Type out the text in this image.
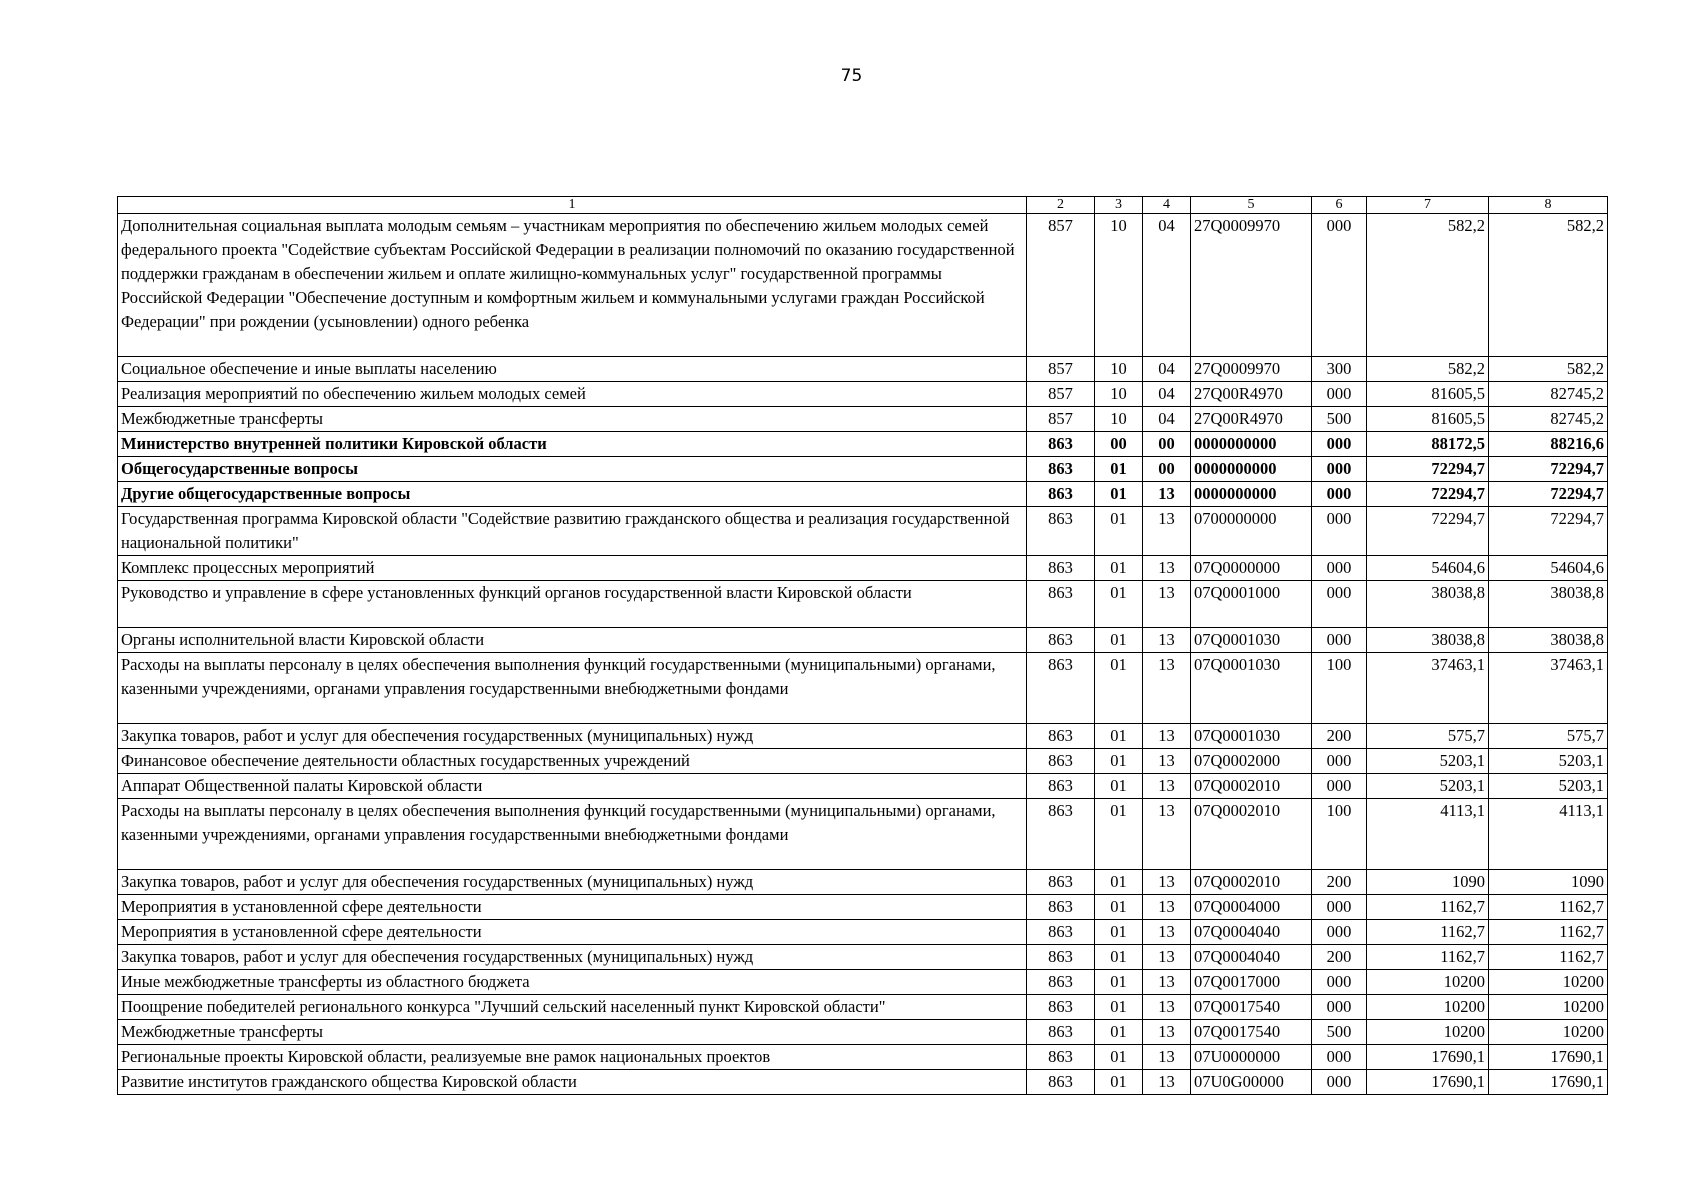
75
1	2	3	4	5	6	7	8
Дополнительная социальная выплата молодым семьям – участникам мероприятия по обеспечению жильем молодых семей федерального проекта "Содействие субъектам Российской Федерации в реализации полномочий по оказанию государственной поддержки гражданам в обеспечении жильем и оплате жилищно-коммунальных услуг" государственной программы Российской Федерации "Обеспечение доступным и комфортным жильем и коммунальными услугами граждан Российской Федерации" при рождении (усыновлении) одного ребенка	857	10	04	27Q0009970	000	582,2	582,2
Социальное обеспечение и иные выплаты населению	857	10	04	27Q0009970	300	582,2	582,2
Реализация мероприятий по обеспечению жильем молодых семей	857	10	04	27Q00R4970	000	81605,5	82745,2
Межбюджетные трансферты	857	10	04	27Q00R4970	500	81605,5	82745,2
Министерство внутренней политики Кировской области	863	00	00	0000000000	000	88172,5	88216,6
Общегосударственные вопросы	863	01	00	0000000000	000	72294,7	72294,7
Другие общегосударственные вопросы	863	01	13	0000000000	000	72294,7	72294,7
Государственная программа Кировской области "Содействие развитию гражданского общества и реализация государственной национальной политики"	863	01	13	0700000000	000	72294,7	72294,7
Комплекс процессных мероприятий	863	01	13	07Q0000000	000	54604,6	54604,6
Руководство и управление в сфере установленных функций органов государственной власти Кировской области	863	01	13	07Q0001000	000	38038,8	38038,8
Органы исполнительной власти Кировской области	863	01	13	07Q0001030	000	38038,8	38038,8
Расходы на выплаты персоналу в целях обеспечения выполнения функций государственными (муниципальными) органами, казенными учреждениями, органами управления государственными внебюджетными фондами	863	01	13	07Q0001030	100	37463,1	37463,1
Закупка товаров, работ и услуг для обеспечения государственных (муниципальных) нужд	863	01	13	07Q0001030	200	575,7	575,7
Финансовое обеспечение деятельности областных государственных учреждений	863	01	13	07Q0002000	000	5203,1	5203,1
Аппарат Общественной палаты Кировской области	863	01	13	07Q0002010	000	5203,1	5203,1
Расходы на выплаты персоналу в целях обеспечения выполнения функций государственными (муниципальными) органами, казенными учреждениями, органами управления государственными внебюджетными фондами	863	01	13	07Q0002010	100	4113,1	4113,1
Закупка товаров, работ и услуг для обеспечения государственных (муниципальных) нужд	863	01	13	07Q0002010	200	1090	1090
Мероприятия в установленной сфере деятельности	863	01	13	07Q0004000	000	1162,7	1162,7
Мероприятия в установленной сфере деятельности	863	01	13	07Q0004040	000	1162,7	1162,7
Закупка товаров, работ и услуг для обеспечения государственных (муниципальных) нужд	863	01	13	07Q0004040	200	1162,7	1162,7
Иные межбюджетные трансферты из областного бюджета	863	01	13	07Q0017000	000	10200	10200
Поощрение победителей регионального конкурса "Лучший сельский населенный пункт Кировской области"	863	01	13	07Q0017540	000	10200	10200
Межбюджетные трансферты	863	01	13	07Q0017540	500	10200	10200
Региональные проекты Кировской области, реализуемые вне рамок национальных проектов	863	01	13	07U0000000	000	17690,1	17690,1
Развитие институтов гражданского общества Кировской области	863	01	13	07U0G00000	000	17690,1	17690,1
